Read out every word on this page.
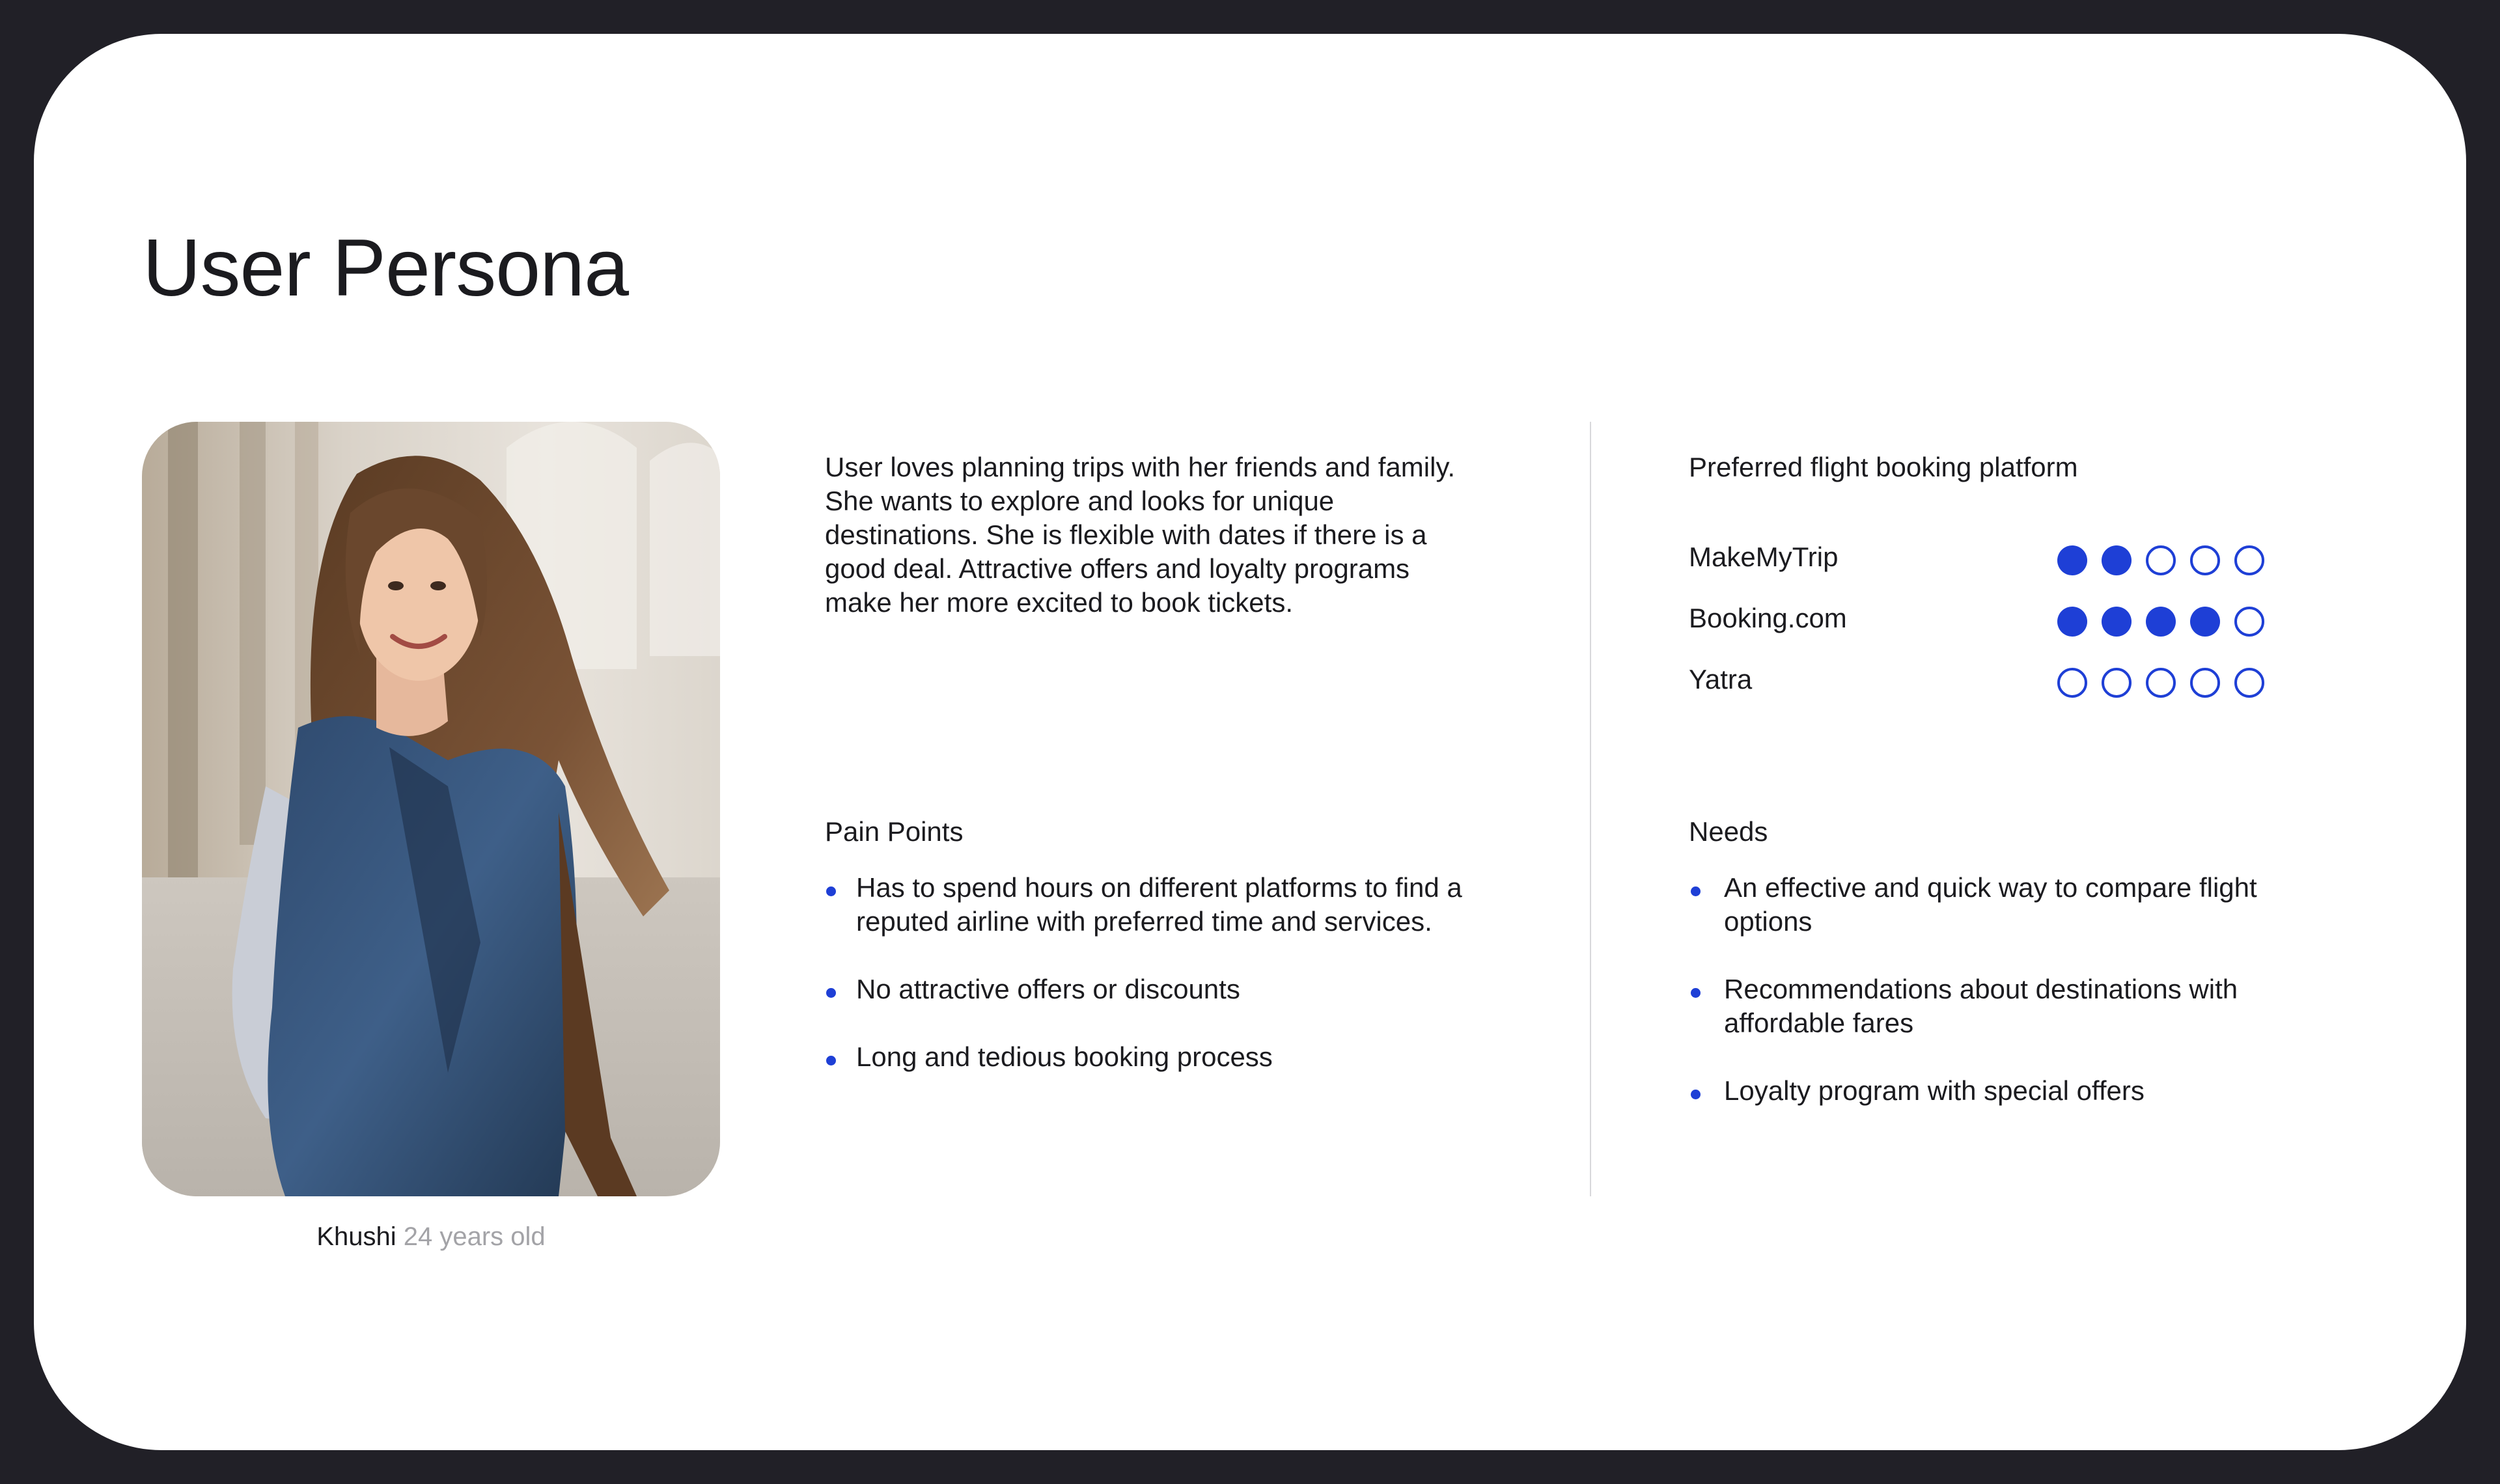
User Persona
Khushi 24 years old

User loves planning trips with her friends and family.
She wants to explore and looks for unique
destinations. She is flexible with dates if there is a
good deal. Attractive offers and loyalty programs
make her more excited to book tickets.

Pain Points
Has to spend hours on different platforms to find a
reputed airline with preferred time and services.
No attractive offers or discounts
Long and tedious booking process
Preferred flight booking platform
MakeMyTrip
Booking.com
Yatra
Needs
An effective and quick way to compare flight
options
Recommendations about destinations with
affordable fares
Loyalty program with special offers
